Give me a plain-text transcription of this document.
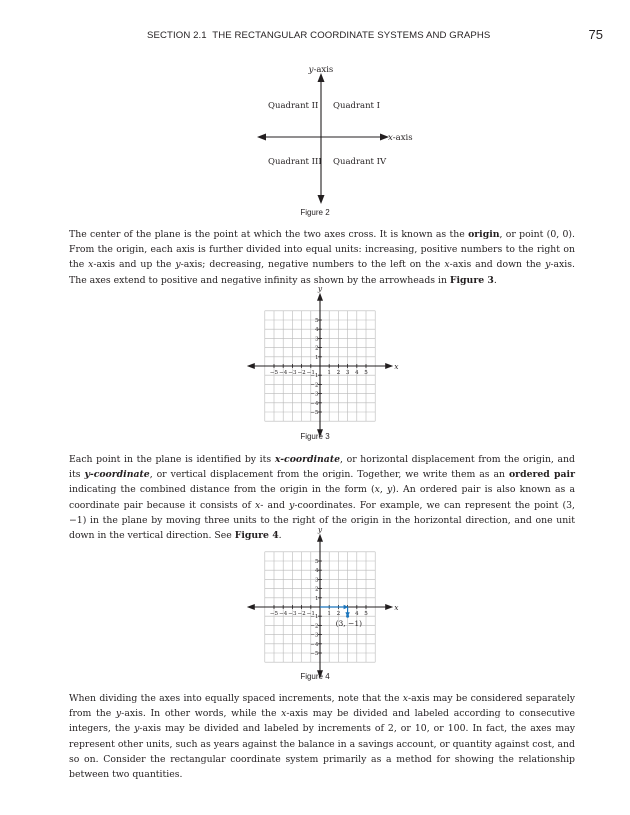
SECTION 2.1 THE RECTANGULAR COORDINATE SYSTEMS AND GRAPHS	75
y-axis
x-axis
Quadrant II Quadrant I
Quadrant III Quadrant IV
Figure 2
The center of the plane is the point at which the two axes cross. It is known as the origin, or point (0, 0). From the origin, each axis is further divided into equal units: increasing, positive numbers to the right on the x-axis and up the y-axis; decreasing, negative numbers to the left on the x-axis and down the y-axis. The axes extend to positive and negative infinity as shown by the arrowheads in Figure 3.
−5 −4 −3 −2 −1 1 2 3 4 5
5
4
3
2
1
−1
−2
−3
−4
−5
x
y
Figure 3
Each point in the plane is identified by its x-coordinate, or horizontal displacement from the origin, and its y-coordinate, or vertical displacement from the origin. Together, we write them as an ordered pair indicating the combined distance from the origin in the form (x, y). An ordered pair is also known as a coordinate pair because it consists of x- and y-coordinates. For example, we can represent the point (3, −1) in the plane by moving three units to the right of the origin in the horizontal direction, and one unit down in the vertical direction. See Figure 4.
−5 −4 −3 −2 −1 1 2	4 5
5
4
3
2
1
−1
−2
−3
−4
−5
x
y
(3, −1)
Figure 4
When dividing the axes into equally spaced increments, note that the x-axis may be considered separately from the y-axis. In other words, while the x-axis may be divided and labeled according to consecutive integers, the y-axis may be divided and labeled by increments of 2, or 10, or 100. In fact, the axes may represent other units, such as years against the balance in a savings account, or quantity against cost, and so on. Consider the rectangular coordinate system primarily as a method for showing the relationship between two quantities.
